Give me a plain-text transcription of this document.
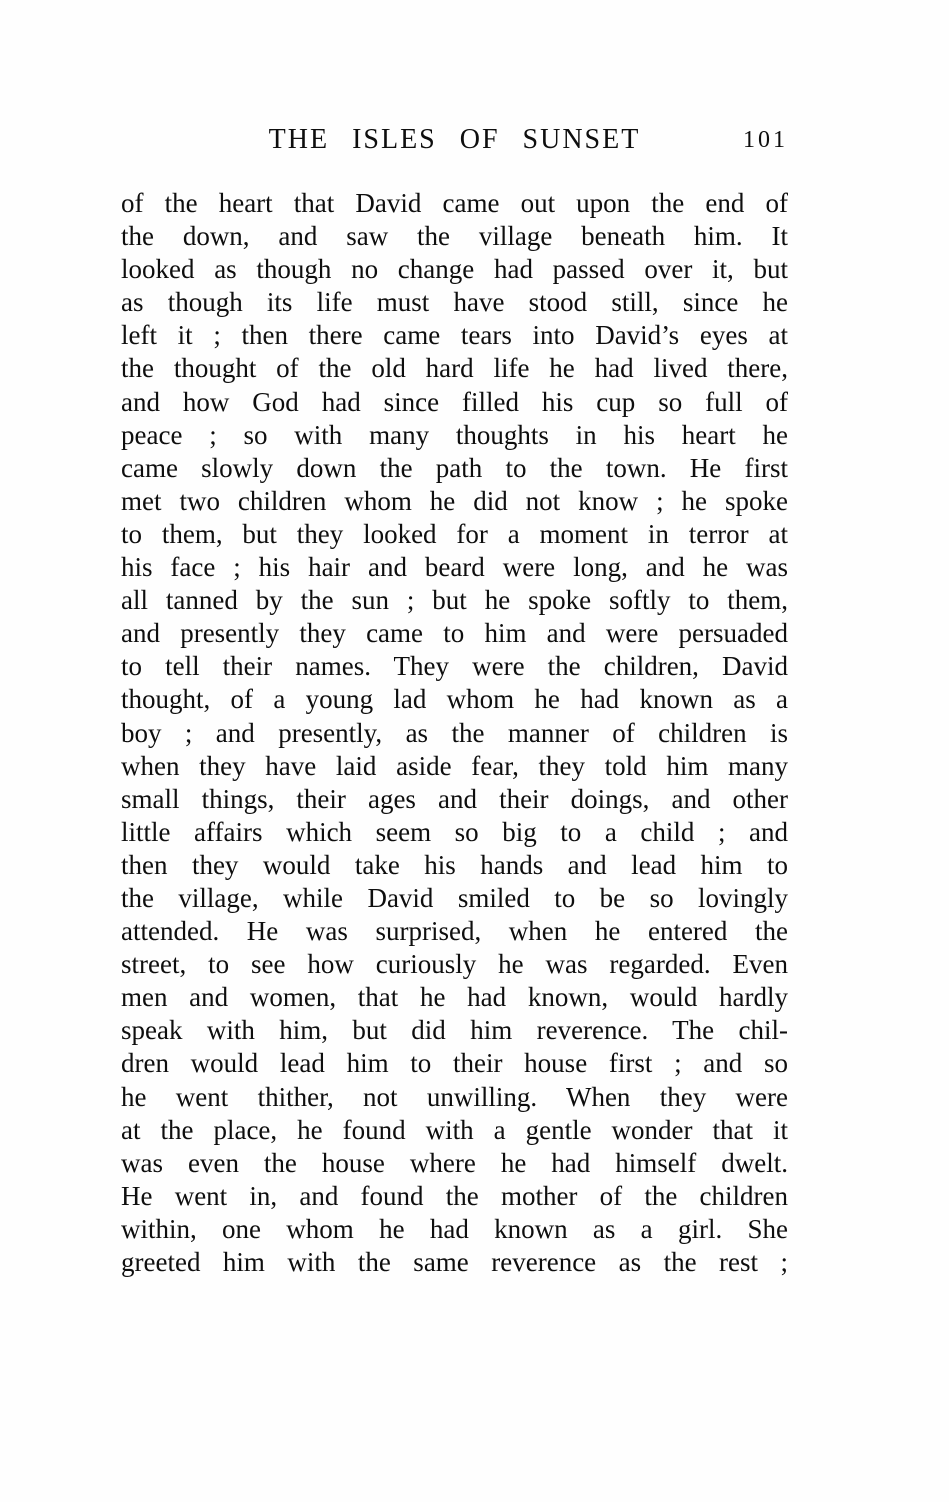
THE ISLES OF SUNSET	101
of the heart that David came out upon the end of
the down, and saw the village beneath him. It
looked as though no change had passed over it, but
as though its life must have stood still, since he
left it ; then there came tears into David’s eyes at
the thought of the old hard life he had lived there,
and how God had since filled his cup so full of
peace ; so with many thoughts in his heart he
came slowly down the path to the town. He first
met two children whom he did not know ; he spoke
to them, but they looked for a moment in terror at
his face ; his hair and beard were long, and he was
all tanned by the sun ; but he spoke softly to them,
and presently they came to him and were persuaded
to tell their names. They were the children, David
thought, of a young lad whom he had known as a
boy ; and presently, as the manner of children is
when they have laid aside fear, they told him many
small things, their ages and their doings, and other
little affairs which seem so big to a child ; and
then they would take his hands and lead him to
the village, while David smiled to be so lovingly
attended. He was surprised, when he entered the
street, to see how curiously he was regarded. Even
men and women, that he had known, would hardly
speak with him, but did him reverence. The chil-
dren would lead him to their house first ; and so
he went thither, not unwilling. When they were
at the place, he found with a gentle wonder that it
was even the house where he had himself dwelt.
He went in, and found the mother of the children
within, one whom he had known as a girl. She
greeted him with the same reverence as the rest ;
